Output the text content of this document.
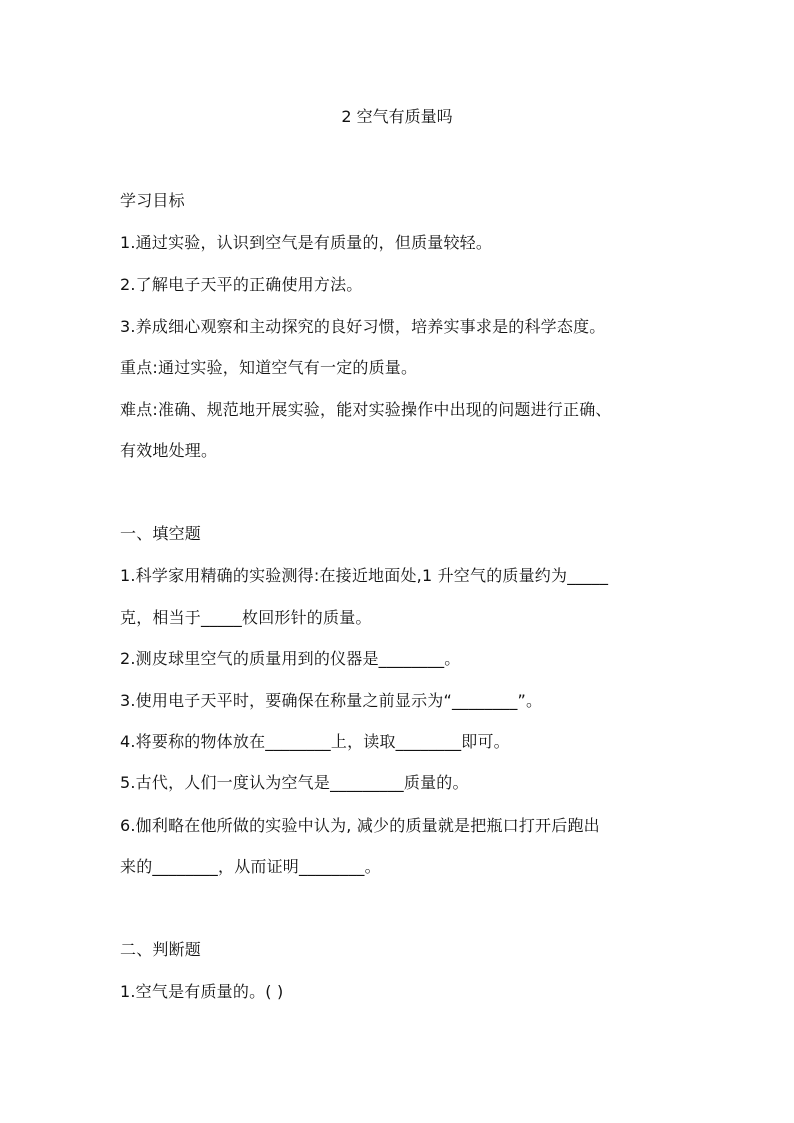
2 空气有质量吗
学习目标
1.通过实验，认识到空气是有质量的，但质量较轻。
2.了解电子天平的正确使用方法。
3.养成细心观察和主动探究的良好习惯，培养实事求是的科学态度。
重点:通过实验，知道空气有一定的质量。
难点:准确、规范地开展实验，能对实验操作中出现的问题进行正确、
有效地处理。
一、填空题
1.科学家用精确的实验测得:在接近地面处,1 升空气的质量约为_____
克，相当于_____枚回形针的质量。
2.测皮球里空气的质量用到的仪器是________。
3.使用电子天平时，要确保在称量之前显示为“________”。
4.将要称的物体放在________上，读取________即可。
5.古代，人们一度认为空气是_________质量的。
6.伽利略在他所做的实验中认为, 减少的质量就是把瓶口打开后跑出
来的________，从而证明________。
二、判断题
1.空气是有质量的。( )
